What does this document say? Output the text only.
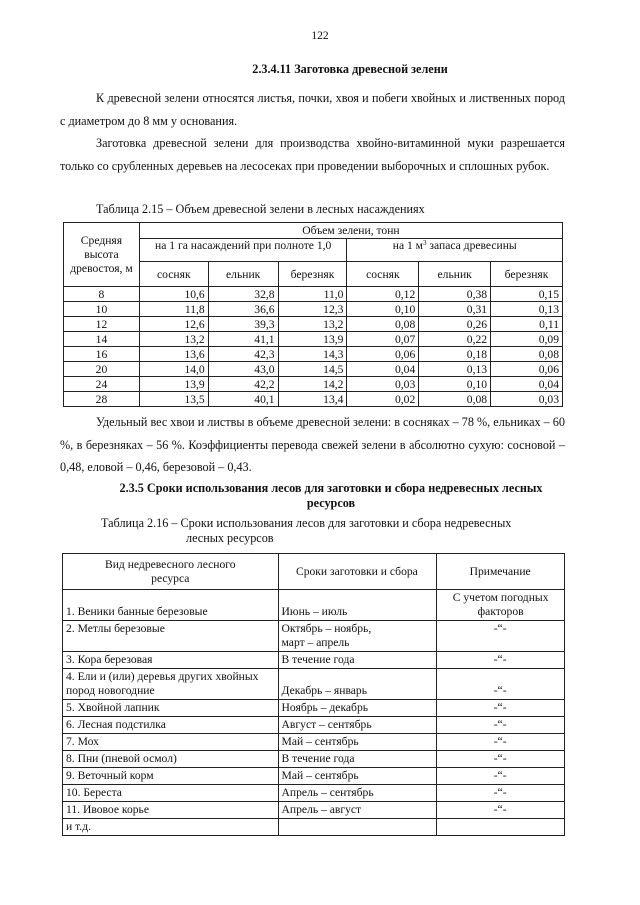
122
2.3.4.11 Заготовка древесной зелени
К древесной зелени относятся листья, почки, хвоя и побеги хвойных и лиственных пород с диаметром до 8 мм у основания.
Заготовка древесной зелени для производства хвойно-витаминной муки разрешается только со срубленных деревьев на лесосеках при проведении выборочных и сплошных рубок.
Таблица 2.15 – Объем древесной зелени в лесных насаждениях
Средняя высота древостоя, м	Объем зелени, тонн					
	на 1 га насаждений при полноте 1,0			на 1 $м^3$ запаса древесины		
	сосняк	ельник	березняк	сосняк	ельник	березняк
8	10,6	32,8	11,0	0,12	0,38	0,15
10	11,8	36,6	12,3	0,10	0,31	0,13
12	12,6	39,3	13,2	0,08	0,26	0,11
14	13,2	41,1	13,9	0,07	0,22	0,09
16	13,6	42,3	14,3	0,06	0,18	0,08
20	14,0	43,0	14,5	0,04	0,13	0,06
24	13,9	42,2	14,2	0,03	0,10	0,04
28	13,5	40,1	13,4	0,02	0,08	0,03
Удельный вес хвои и листвы в объеме древесной зелени: в сосняках – 78 %, ельниках – 60 %, в березняках – 56 %. Коэффициенты перевода свежей зелени в абсолютно сухую: сосновой – 0,48, еловой – 0,46, березовой – 0,43.
2.3.5 Сроки использования лесов для заготовки и сбора недревесных лесных
ресурсов
Таблица 2.16 – Сроки использования лесов для заготовки и сбора недревесных
лесных ресурсов
Вид недревесного лесного ресурса	Сроки заготовки и сбора	Примечание
1. Веники банные березовые	Июнь – июль	С учетом погодных факторов
2. Метлы березовые	Октябрь – ноябрь, март – апрель	-“-
3. Кора березовая	В течение года	-“-
4. Ели и (или) деревья других хвойных пород новогодние	Декабрь – январь	-“-
5. Хвойной лапник	Ноябрь – декабрь	-“-
6. Лесная подстилка	Август – сентябрь	-“-
7. Мох	Май – сентябрь	-“-
8. Пни (пневой осмол)	В течение года	-“-
9. Веточный корм	Май – сентябрь	-“-
10. Береста	Апрель – сентябрь	-“-
11. Ивовое корье	Апрель – август	-“-
и т.д.		
